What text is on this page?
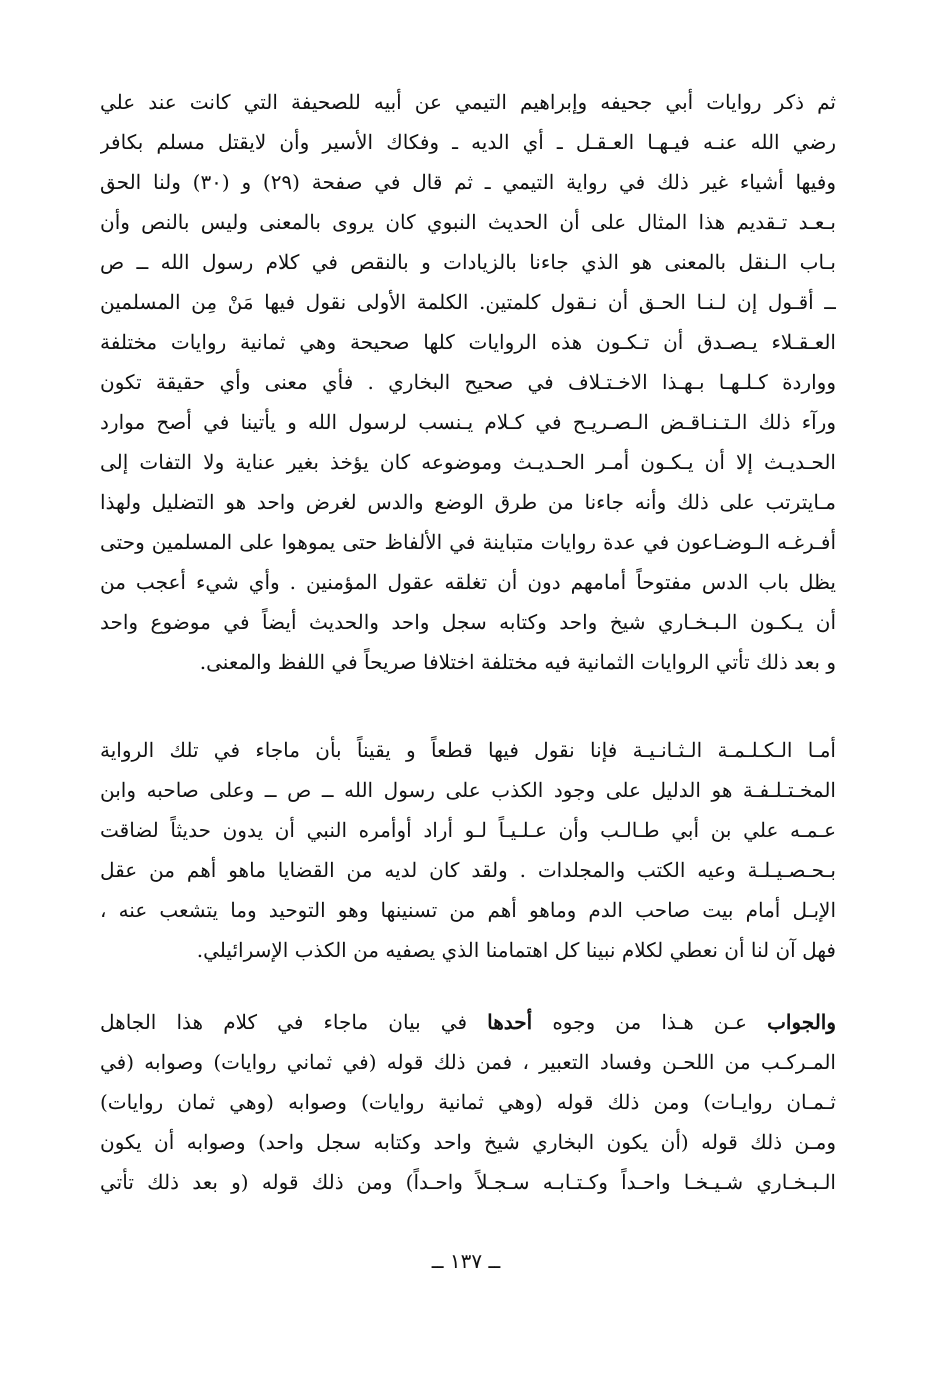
ثم ذكر روايات أبي جحيفه وإبراهيم التيمي عن أبيه للصحيفة التي كانت عند علي
رضي الله عنـه فيـهـا العـقـل ـ أي الديه ـ وفكاك الأسير وأن لايقتل مسلم بكافر
وفيها أشياء غير ذلك في رواية التيمي ـ ثم قال في صفحة (٢٩) و (٣٠) ولنا الحق
بـعـد تـقديم هذا المثال على أن الحديث النبوي كان يروى بالمعنى وليس بالنص وأن
بـاب الـنقل بالمعنى هو الذي جاءنا بالزيادات و بالنقص في كلام رسول الله ــ ص
ــ أقـول إن لـنـا الحـق أن نـقول كلمتين. الكلمة الأولى نقول فيها مَنْ مِن المسلمين
العـقـلاء يـصـدق أن تـكـون هذه الروايات كلها صحيحة وهي ثمانية روايات مختلفة
وواردة كـلـهـا بـهـذا الاخـتـلاف في صحيح البخاري . فأي معنى وأي حقيقة تكون
ورآء ذلك الـتـنـاقـض الـصـريـح في كـلام يـنسب لرسول الله و يأتينا في أصح موارد
الحـديـث إلا أن يـكـون أمـر الحـديـث وموضوعه كان يؤخذ بغير عناية ولا التفات إلى
مـايترتب على ذلك وأنه جاءنا من طرق الوضع والدس لغرض واحد هو التضليل ولهذا
أفـرغـه الـوضـاعون في عدة روايات متباينة في الألفاظ حتى يموهوا على المسلمين وحتى
يظل باب الدس مفتوحاً أمامهم دون أن تغلقه عقول المؤمنين . وأي شيء أعجب من
أن يـكـون الـبـخـاري شيخ واحد وكتابه سجل واحد والحديث أيضاً في موضوع واحد
و بعد ذلك تأتي الروايات الثمانية فيه مختلفة اختلافا صريحاً في اللفظ والمعنى.
أمـا الـكـلـمـة الـثـانـيـة فإنا نقول فيها قطعاً و يقيناً بأن ماجاء في تلك الرواية
المخـتـلـفـة هو الدليل على وجود الكذب على رسول الله ــ ص ــ وعلى صاحبه وابن
عـمـه علي بن أبي طـالـب وأن عـلـيـاً لـو أراد أوأمره النبي أن يدون حديثاً لضاقت
بـحـصـيـلـة وعيه الكتب والمجلدات . ولقد كان لديه من القضايا ماهو أهم من عقل
الإبـل أمام بيت صاحب الدم وماهو أهم من تسنينها وهو التوحيد وما يتشعب عنه ،
فهل آن لنا أن نعطي لكلام نبينا كل اهتمامنا الذي يصفيه من الكذب الإسرائيلي.
والجواب عـن هـذا من وجوه أحدها في بيان ماجاء في كلام هذا الجاهل
المـركـب من اللحـن وفساد التعبير ، فمن ذلك قوله (في ثماني روايات) وصوابه (في
ثـمـان روايـات) ومن ذلك قوله (وهي ثمانية روايات) وصوابه (وهي ثمان روايات)
ومـن ذلك قوله (أن يكون البخاري شيخ واحد وكتابه سجل واحد) وصوابه أن يكون
الـبـخـاري شـيـخـا واحـداً وكـتـابـه سـجـلاً واحـداً) ومن ذلك قوله (و بعد ذلك تأتي
ــ ١٣٧ ــ
